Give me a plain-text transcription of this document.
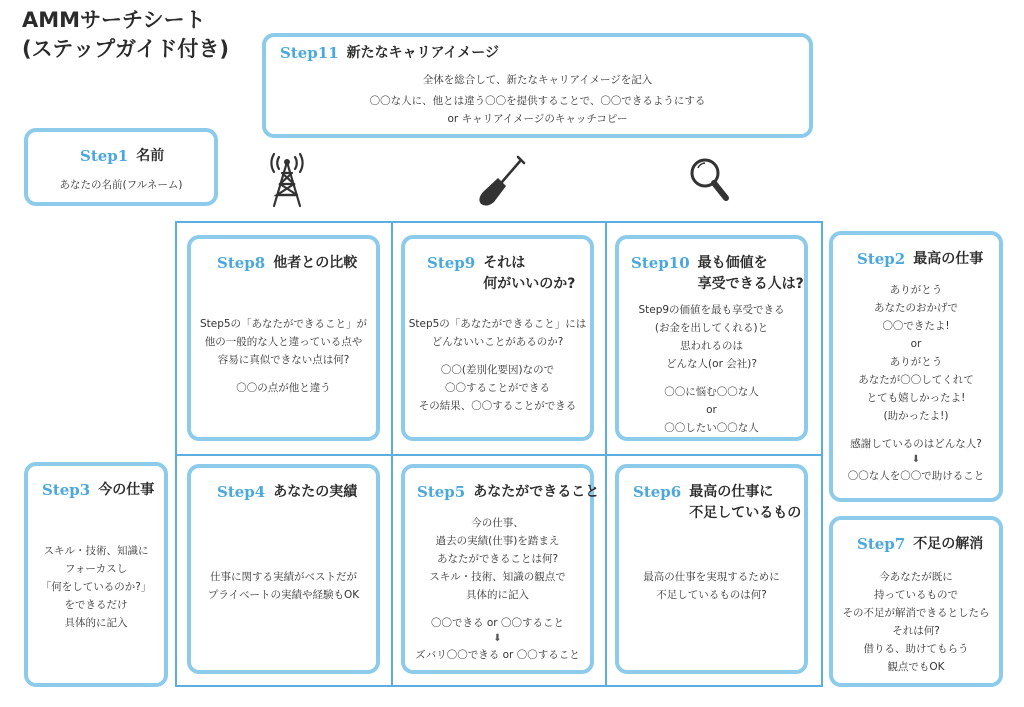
AMMサーチシート
(ステップガイド付き)	Step11 新たなキャリアイメージ
全体を総合して、新たなキャリアイメージを記入
〇〇な人に、他とは違う〇〇を提供することで、〇〇できるようにする
or キャリアイメージのキャッチコピー
Step1 名前
あなたの名前(フルネーム)
Step8 他者との比較
Step5の「あなたができること」が
他の一般的な人と違っている点や
容易に真似できない点は何?
〇〇の点が他と違う
Step9 それは
何がいいのか?
Step5の「あなたができること」には
どんないいことがあるのか?
〇〇(差別化要因)なので
〇〇することができる
その結果、〇〇することができる
Step10 最も価値を
享受できる人は?
Step9の価値を最も享受できる
(お金を出してくれる)と
思われるのは
どんな人(or 会社)?
〇〇に悩む〇〇な人
or
〇〇したい〇〇な人
Step2 最高の仕事
ありがとう
あなたのおかげで
〇〇できたよ!
or
ありがとう
あなたが〇〇してくれて
とても嬉しかったよ!
(助かったよ!)
感謝しているのはどんな人?
⬇
〇〇な人を〇〇で助けること
Step3 今の仕事
スキル・技術、知識に
フォーカスし
「何をしているのか?」
をできるだけ
具体的に記入
Step4 あなたの実績
仕事に関する実績がベストだが
プライベートの実績や経験もOK
Step5 あなたができること
今の仕事、
過去の実績(仕事)を踏まえ
あなたができることは何?
スキル・技術、知識の観点で
具体的に記入
〇〇できる or 〇〇すること
⬇
ズバリ〇〇できる or 〇〇すること
Step6 最高の仕事に
不足しているもの
最高の仕事を実現するために
不足しているものは何?
Step7 不足の解消
今あなたが既に
持っているもので
その不足が解消できるとしたら
それは何?
借りる、助けてもらう
観点でもOK
